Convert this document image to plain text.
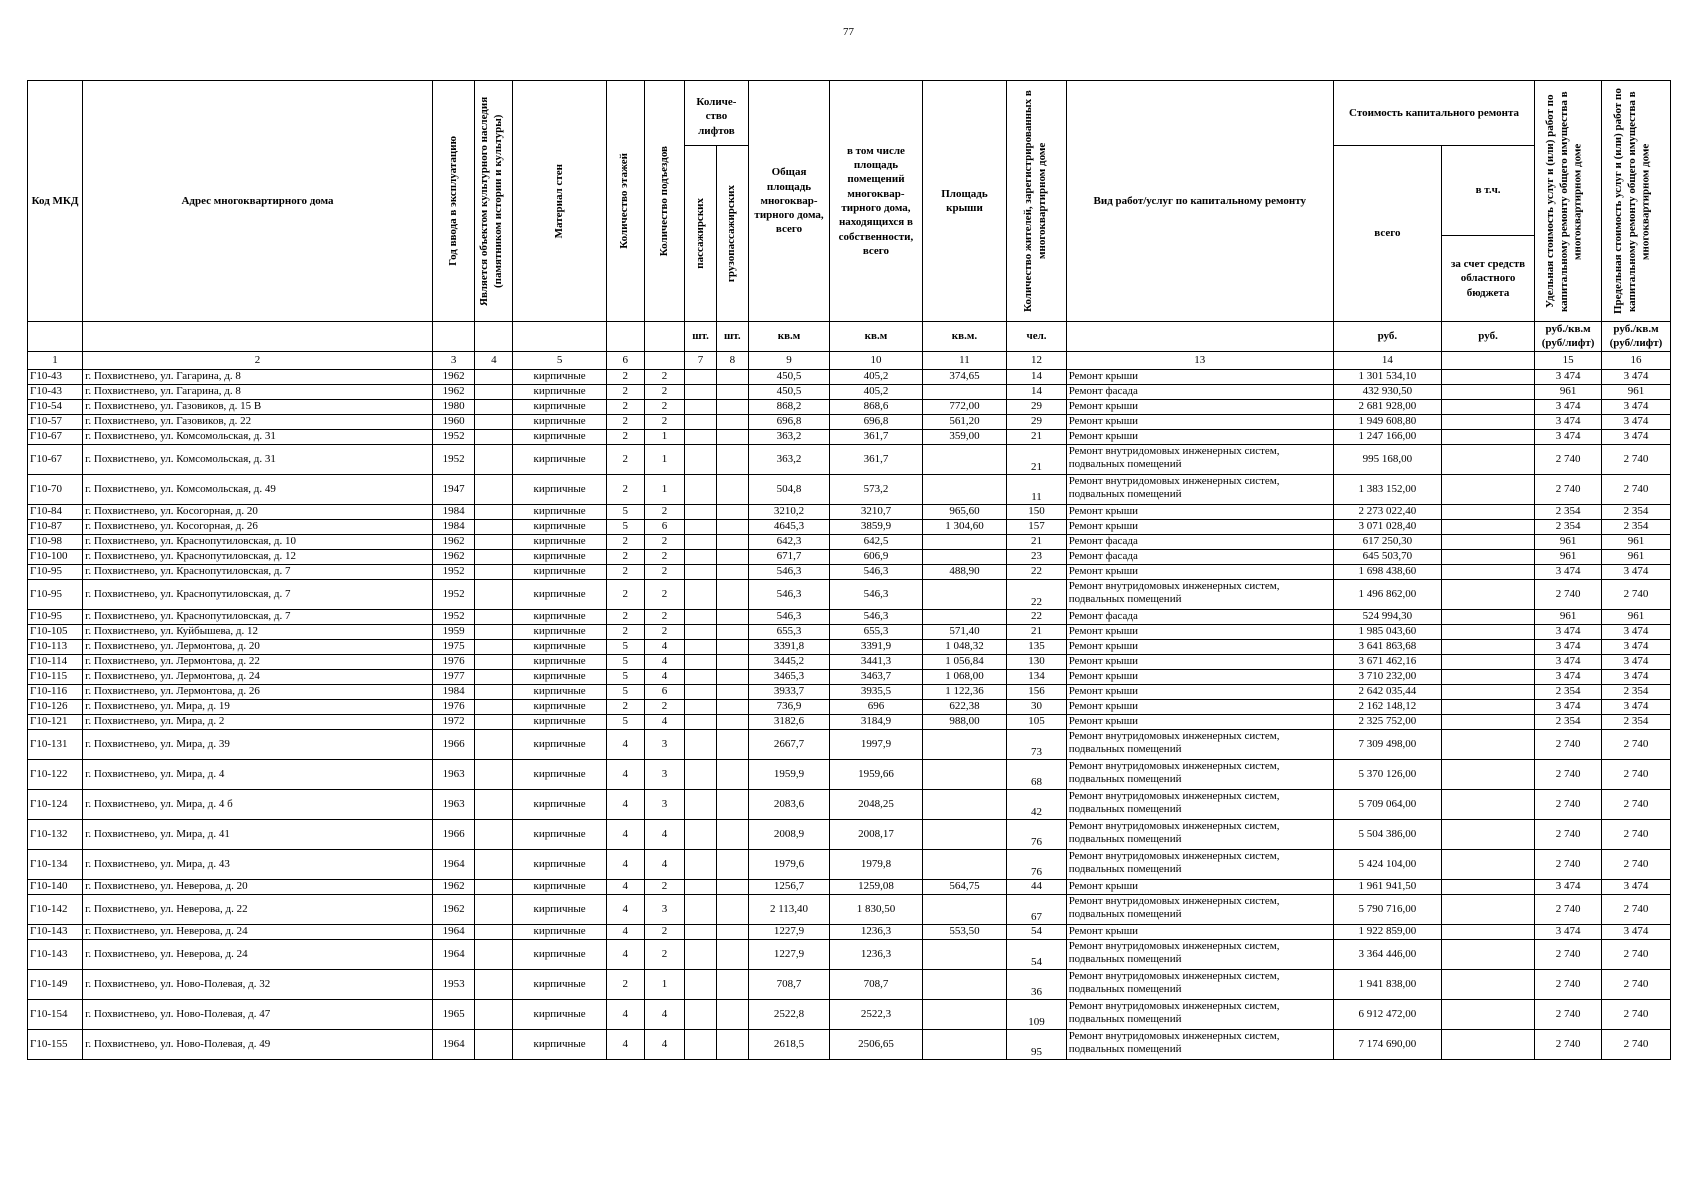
77
Код МКД	Адрес многоквартирного дома	Год ввода в эксплуатацию	Является объектом культурного наследия (памятником истории и культуры)	Материал стен	Количество этажей	Количество подъездов	Количе-ство лифтов		Общая площадь многоквар-тирного дома, всего	в том числе площадь помещений многоквар-тирного дома, находящихся в собственности, всего	Площадь крыши	Количество жителей, зарегистрированных в многоквартирном доме	Вид работ/услуг по капитальному ремонту	Стоимость капитального ремонта		Удельная стоимость услуг и (или) работ по капитальному ремонту общего имущества в многоквартирном доме	Предельная стоимость услуг и (или) работ по капитальному ремонту общего имущества в многоквартирном доме

							пассажирских	грузопассажирских						всего	в т.ч.		
															за счет средств областного бюджета		
							шт.	шт.	кв.м	кв.м	кв.м.	чел.		руб.	руб.	руб./кв.м (руб/лифт)	руб./кв.м (руб/лифт)
1	2	3	4	5	6		7	8	9	10	11	12	13	14		15	16
Г10-43	г. Похвистнево, ул. Гагарина, д. 8	1962		кирпичные	2	2			450,5	405,2	374,65	14	Ремонт крыши	1 301 534,10		3 474	3 474
Г10-43	г. Похвистнево, ул. Гагарина, д. 8	1962		кирпичные	2	2			450,5	405,2		14	Ремонт фасада	432 930,50		961	961
Г10-54	г. Похвистнево, ул. Газовиков, д. 15 В	1980		кирпичные	2	2			868,2	868,6	772,00	29	Ремонт крыши	2 681 928,00		3 474	3 474
Г10-57	г. Похвистнево, ул. Газовиков, д. 22	1960		кирпичные	2	2			696,8	696,8	561,20	29	Ремонт крыши	1 949 608,80		3 474	3 474
Г10-67	г. Похвистнево, ул. Комсомольская, д. 31	1952		кирпичные	2	1			363,2	361,7	359,00	21	Ремонт крыши	1 247 166,00		3 474	3 474
Г10-67	г. Похвистнево, ул. Комсомольская, д. 31	1952		кирпичные	2	1			363,2	361,7		21	Ремонт внутридомовых инженерных систем, подвальных помещений	995 168,00		2 740	2 740
Г10-70	г. Похвистнево, ул. Комсомольская, д. 49	1947		кирпичные	2	1			504,8	573,2		11	Ремонт внутридомовых инженерных систем, подвальных помещений	1 383 152,00		2 740	2 740
Г10-84	г. Похвистнево, ул. Косогорная, д. 20	1984		кирпичные	5	2			3210,2	3210,7	965,60	150	Ремонт крыши	2 273 022,40		2 354	2 354
Г10-87	г. Похвистнево, ул. Косогорная, д. 26	1984		кирпичные	5	6			4645,3	3859,9	1 304,60	157	Ремонт крыши	3 071 028,40		2 354	2 354
Г10-98	г. Похвистнево, ул. Краснопутиловская, д. 10	1962		кирпичные	2	2			642,3	642,5		21	Ремонт фасада	617 250,30		961	961
Г10-100	г. Похвистнево, ул. Краснопутиловская, д. 12	1962		кирпичные	2	2			671,7	606,9		23	Ремонт фасада	645 503,70		961	961
Г10-95	г. Похвистнево, ул. Краснопутиловская, д. 7	1952		кирпичные	2	2			546,3	546,3	488,90	22	Ремонт крыши	1 698 438,60		3 474	3 474
Г10-95	г. Похвистнево, ул. Краснопутиловская, д. 7	1952		кирпичные	2	2			546,3	546,3		22	Ремонт внутридомовых инженерных систем, подвальных помещений	1 496 862,00		2 740	2 740
Г10-95	г. Похвистнево, ул. Краснопутиловская, д. 7	1952		кирпичные	2	2			546,3	546,3		22	Ремонт фасада	524 994,30		961	961
Г10-105	г. Похвистнево, ул. Куйбышева, д. 12	1959		кирпичные	2	2			655,3	655,3	571,40	21	Ремонт крыши	1 985 043,60		3 474	3 474
Г10-113	г. Похвистнево, ул. Лермонтова, д. 20	1975		кирпичные	5	4			3391,8	3391,9	1 048,32	135	Ремонт крыши	3 641 863,68		3 474	3 474
Г10-114	г. Похвистнево, ул. Лермонтова, д. 22	1976		кирпичные	5	4			3445,2	3441,3	1 056,84	130	Ремонт крыши	3 671 462,16		3 474	3 474
Г10-115	г. Похвистнево, ул. Лермонтова, д. 24	1977		кирпичные	5	4			3465,3	3463,7	1 068,00	134	Ремонт крыши	3 710 232,00		3 474	3 474
Г10-116	г. Похвистнево, ул. Лермонтова, д. 26	1984		кирпичные	5	6			3933,7	3935,5	1 122,36	156	Ремонт крыши	2 642 035,44		2 354	2 354
Г10-126	г. Похвистнево, ул. Мира, д. 19	1976		кирпичные	2	2			736,9	696	622,38	30	Ремонт крыши	2 162 148,12		3 474	3 474
Г10-121	г. Похвистнево, ул. Мира, д. 2	1972		кирпичные	5	4			3182,6	3184,9	988,00	105	Ремонт крыши	2 325 752,00		2 354	2 354
Г10-131	г. Похвистнево, ул. Мира, д. 39	1966		кирпичные	4	3			2667,7	1997,9		73	Ремонт внутридомовых инженерных систем, подвальных помещений	7 309 498,00		2 740	2 740
Г10-122	г. Похвистнево, ул. Мира, д. 4	1963		кирпичные	4	3			1959,9	1959,66		68	Ремонт внутридомовых инженерных систем, подвальных помещений	5 370 126,00		2 740	2 740
Г10-124	г. Похвистнево, ул. Мира, д. 4 б	1963		кирпичные	4	3			2083,6	2048,25		42	Ремонт внутридомовых инженерных систем, подвальных помещений	5 709 064,00		2 740	2 740
Г10-132	г. Похвистнево, ул. Мира, д. 41	1966		кирпичные	4	4			2008,9	2008,17		76	Ремонт внутридомовых инженерных систем, подвальных помещений	5 504 386,00		2 740	2 740
Г10-134	г. Похвистнево, ул. Мира, д. 43	1964		кирпичные	4	4			1979,6	1979,8		76	Ремонт внутридомовых инженерных систем, подвальных помещений	5 424 104,00		2 740	2 740
Г10-140	г. Похвистнево, ул. Неверова, д. 20	1962		кирпичные	4	2			1256,7	1259,08	564,75	44	Ремонт крыши	1 961 941,50		3 474	3 474
Г10-142	г. Похвистнево, ул. Неверова, д. 22	1962		кирпичные	4	3			2 113,40	1 830,50		67	Ремонт внутридомовых инженерных систем, подвальных помещений	5 790 716,00		2 740	2 740
Г10-143	г. Похвистнево, ул. Неверова, д. 24	1964		кирпичные	4	2			1227,9	1236,3	553,50	54	Ремонт крыши	1 922 859,00		3 474	3 474
Г10-143	г. Похвистнево, ул. Неверова, д. 24	1964		кирпичные	4	2			1227,9	1236,3		54	Ремонт внутридомовых инженерных систем, подвальных помещений	3 364 446,00		2 740	2 740
Г10-149	г. Похвистнево, ул. Ново-Полевая, д. 32	1953		кирпичные	2	1			708,7	708,7		36	Ремонт внутридомовых инженерных систем, подвальных помещений	1 941 838,00		2 740	2 740
Г10-154	г. Похвистнево, ул. Ново-Полевая, д. 47	1965		кирпичные	4	4			2522,8	2522,3		109	Ремонт внутридомовых инженерных систем, подвальных помещений	6 912 472,00		2 740	2 740
Г10-155	г. Похвистнево, ул. Ново-Полевая, д. 49	1964		кирпичные	4	4			2618,5	2506,65		95	Ремонт внутридомовых инженерных систем, подвальных помещений	7 174 690,00		2 740	2 740
